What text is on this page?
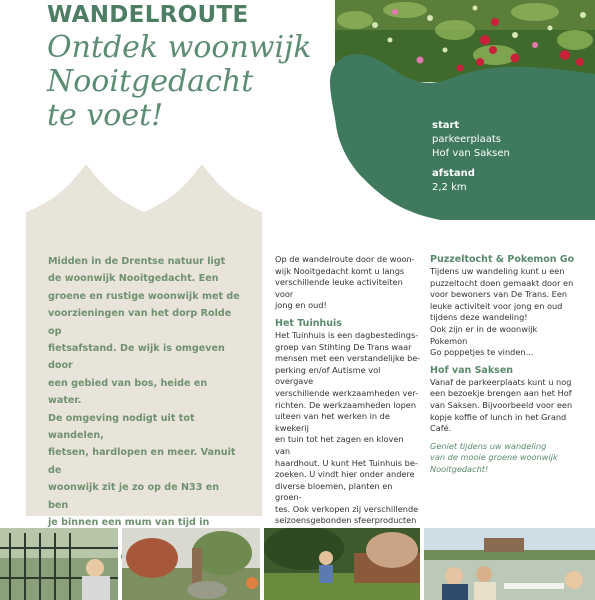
WANDELROUTE
Ontdek woonwijk
Nooitgedacht
te voet!	start
parkeerplaats
Hof van Saksen
afstand
2,2 km
Midden in de Drentse natuur ligt
de woonwijk Nooitgedacht. Een
groene en rustige woonwijk met de
voorzieningen van het dorp Rolde op
fietsafstand. De wijk is omgeven door
een gebied van bos, heide en water.
De omgeving nodigt uit tot wandelen,
fietsen, hardlopen en meer. Vanuit de
woonwijk zit je zo op de N33 en ben
je binnen een mum van tijd in
Op de wandelroute door de woon-
wijk Nooitgedacht komt u langs
verschillende leuke activiteiten voor
jong en oud!
Het Tuinhuis
Het Tuinhuis is een dagbestedings-
groep van Stihting De Trans waar
mensen met een verstandelijke be-
perking en/of Autisme vol overgave
verschillende werkzaamheden ver-
richten. De werkzaamheden lopen
uiteen van het werken in de kwekerij
en tuin tot het zagen en kloven van
haardhout. U kunt Het Tuinhuis be-
zoeken. U vindt hier onder andere
diverse bloemen, planten en groen-
tes. Ook verkopen zij verschillende
seizoensgebonden sfeerproducten
Puzzeltocht & Pokemon Go
Tijdens uw wandeling kunt u een
puzzeltocht doen gemaakt door en
voor bewoners van De Trans. Een
leuke activiteit voor jong en oud
tijdens deze wandeling!
Ook zijn er in de woonwijk Pokemon
Go poppetjes te vinden...
Hof van Saksen
Vanaf de parkeerplaats kunt u nog
een bezoekje brengen aan het Hof
van Saksen. Bijvoorbeeld voor een
kopje koffie of lunch in het Grand
Café.
Geniet tijdens uw wandeling
van de mooie groene woonwijk
Nooitgedacht!
